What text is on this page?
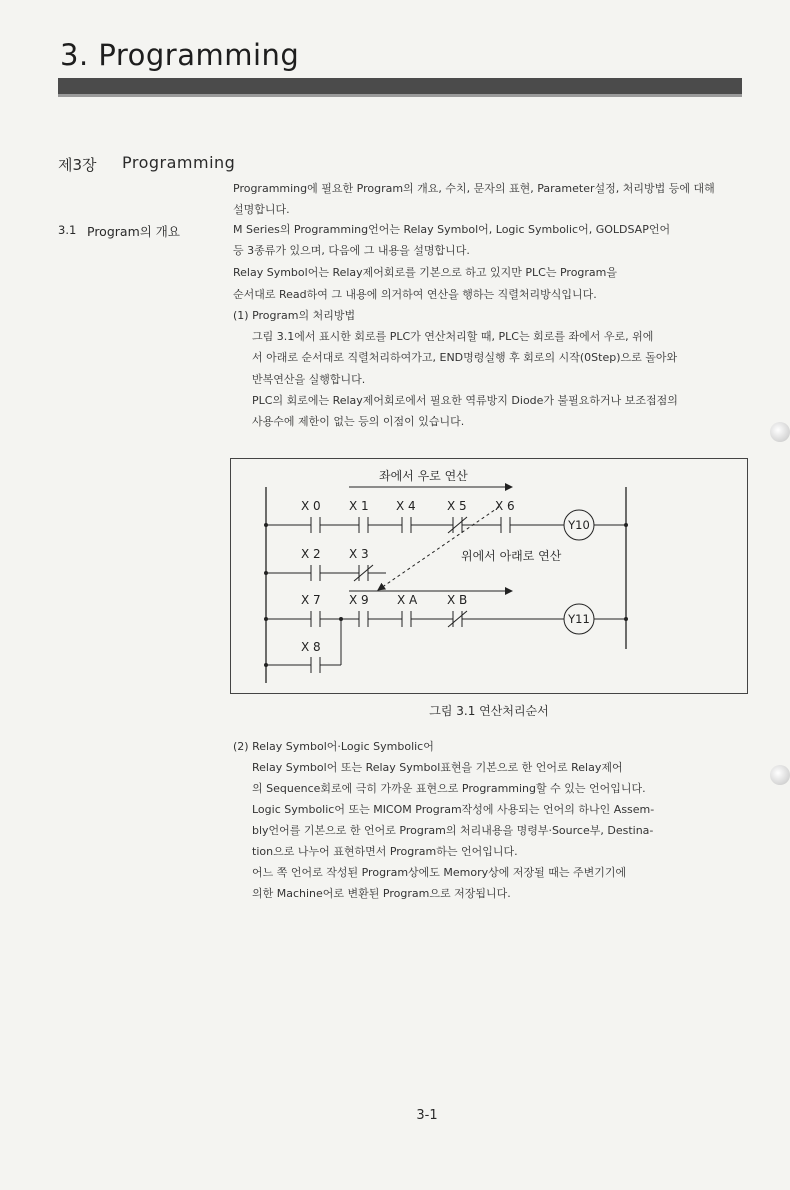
3. Programming
제3장 Programming
Programming에 필요한 Program의 개요, 수치, 문자의 표현, Parameter설정, 처리방법 등에 대해
설명합니다.
3.1 Program의 개요	M Series의 Programming언어는 Relay Symbol어, Logic Symbolic어, GOLDSAP언어
등 3종류가 있으며, 다음에 그 내용을 설명합니다.
Relay Symbol어는 Relay제어회로를 기본으로 하고 있지만 PLC는 Program을
순서대로 Read하여 그 내용에 의거하여 연산을 행하는 직렬처리방식입니다.
(1) Program의 처리방법
그림 3.1에서 표시한 회로를 PLC가 연산처리할 때, PLC는 회로를 좌에서 우로, 위에
서 아래로 순서대로 직렬처리하여가고, END명령실행 후 회로의 시작(0Step)으로 돌아와
반복연산을 실행합니다.
PLC의 회로에는 Relay제어회로에서 필요한 역류방지 Diode가 불필요하거나 보조접점의
사용수에 제한이 없는 등의 이점이 있습니다.
좌에서 우로 연산
X 0 X 1 X 4	X 5 X 6
Y10
X 2 X 3	위에서 아래로 연산
X 7 X 9 X A X B
Y11
X 8
그림 3.1 연산처리순서
(2) Relay Symbol어·Logic Symbolic어
Relay Symbol어 또는 Relay Symbol표현을 기본으로 한 언어로 Relay제어
의 Sequence회로에 극히 가까운 표현으로 Programming할 수 있는 언어입니다.
Logic Symbolic어 또는 MICOM Program작성에 사용되는 언어의 하나인 Assem-
bly언어를 기본으로 한 언어로 Program의 처리내용을 명령부·Source부, Destina-
tion으로 나누어 표현하면서 Program하는 언어입니다.
어느 쪽 언어로 작성된 Program상에도 Memory상에 저장될 때는 주변기기에
의한 Machine어로 변환된 Program으로 저장됩니다.
3-1
